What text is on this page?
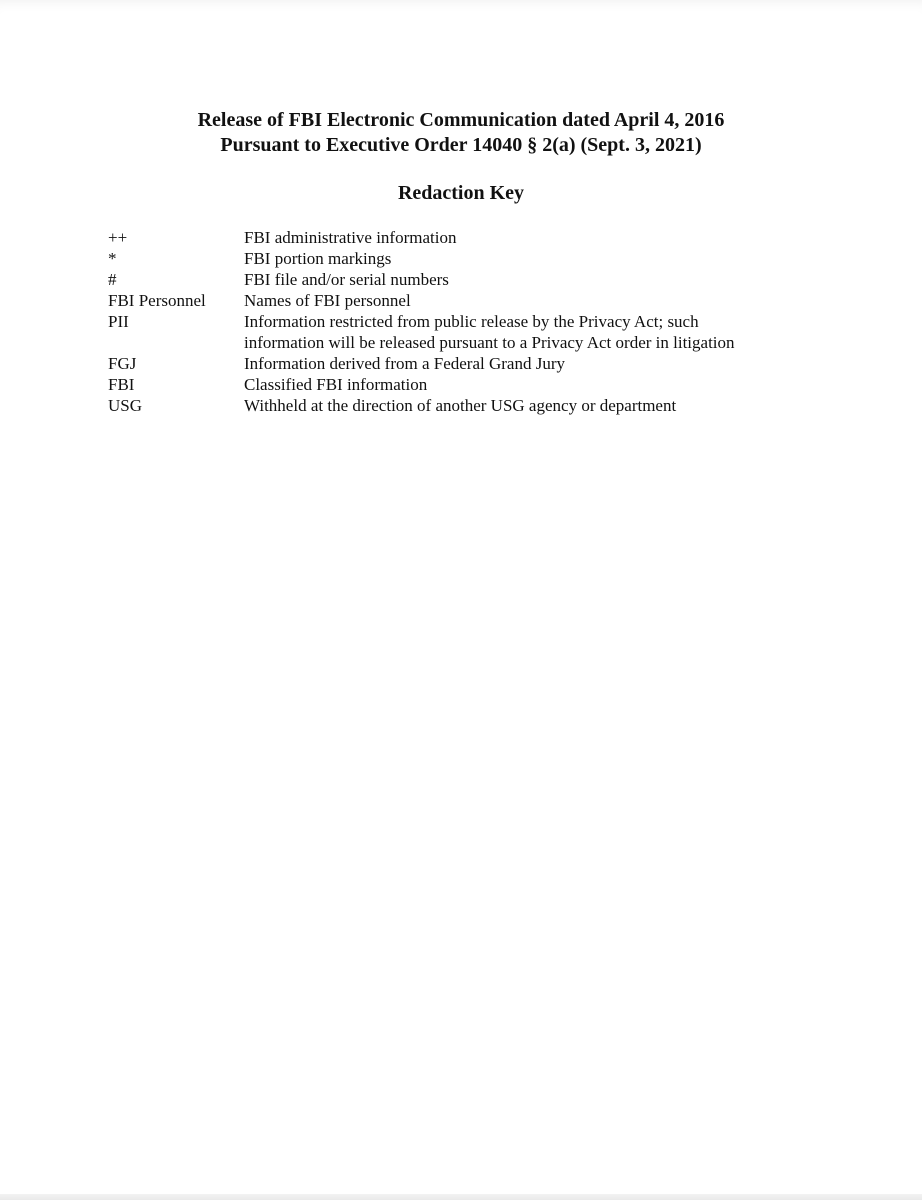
Release of FBI Electronic Communication dated April 4, 2016
Pursuant to Executive Order 14040 § 2(a) (Sept. 3, 2021)
Redaction Key
++	FBI administrative information
*	FBI portion markings
#	FBI file and/or serial numbers
FBI Personnel	Names of FBI personnel
PII	Information restricted from public release by the Privacy Act; such
information will be released pursuant to a Privacy Act order in litigation

FGJ	Information derived from a Federal Grand Jury
FBI	Classified FBI information
USG	Withheld at the direction of another USG agency or department
